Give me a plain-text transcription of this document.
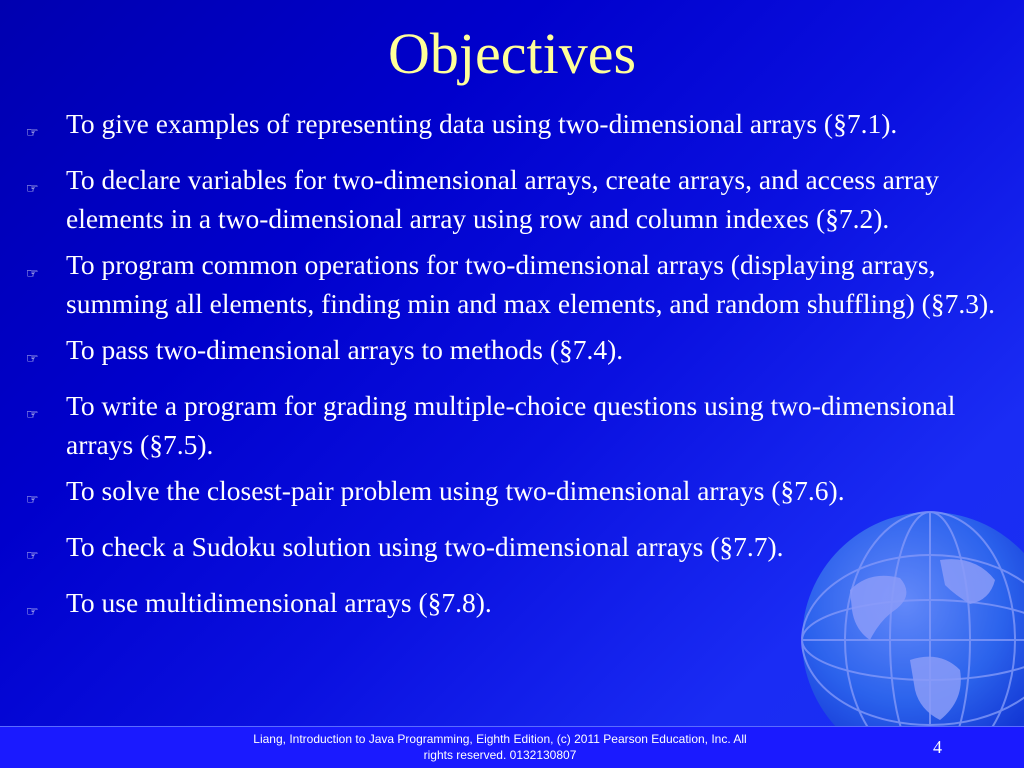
Objectives
☞ To give examples of representing data using two-dimensional arrays (§7.1).
☞ To declare variables for two-dimensional arrays, create arrays, and access array elements in a two-dimensional array using row and column indexes (§7.2).
☞ To program common operations for two-dimensional arrays (displaying arrays, summing all elements, finding min and max elements, and random shuffling) (§7.3).
☞ To pass two-dimensional arrays to methods (§7.4).
☞ To write a program for grading multiple-choice questions using two-dimensional arrays (§7.5).
☞ To solve the closest-pair problem using two-dimensional arrays (§7.6).
☞ To check a Sudoku solution using two-dimensional arrays (§7.7).
☞ To use multidimensional arrays (§7.8).
Liang, Introduction to Java Programming, Eighth Edition, (c) 2011 Pearson Education, Inc. All
rights reserved. 0132130807	4
